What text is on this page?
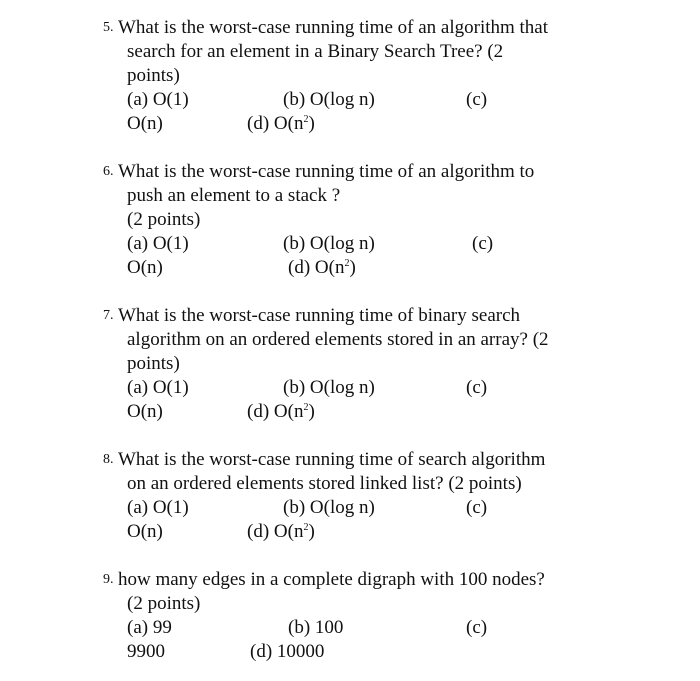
5. What is the worst-case running time of an algorithm that
search for an element in a Binary Search Tree? (2
points)
(a) O(1)	(b) O(log n)	(c)
O(n)	(d) $O(n^2)$
6. What is the worst-case running time of an algorithm to
push an element to a stack ?
(2 points)
(a) O(1)	(b) O(log n)	(c)
O(n)	(d) $O(n^2)$
7. What is the worst-case running time of binary search
algorithm on an ordered elements stored in an array? (2
points)
(a) O(1)	(b) O(log n)	(c)
O(n)	(d) $O(n^2)$
8. What is the worst-case running time of search algorithm
on an ordered elements stored linked list? (2 points)
(a) O(1)	(b) O(log n)	(c)
O(n)	(d) $O(n^2)$
9. how many edges in a complete digraph with 100 nodes?
(2 points)
(a) 99	(b) 100	(c)
9900	(d) 10000
